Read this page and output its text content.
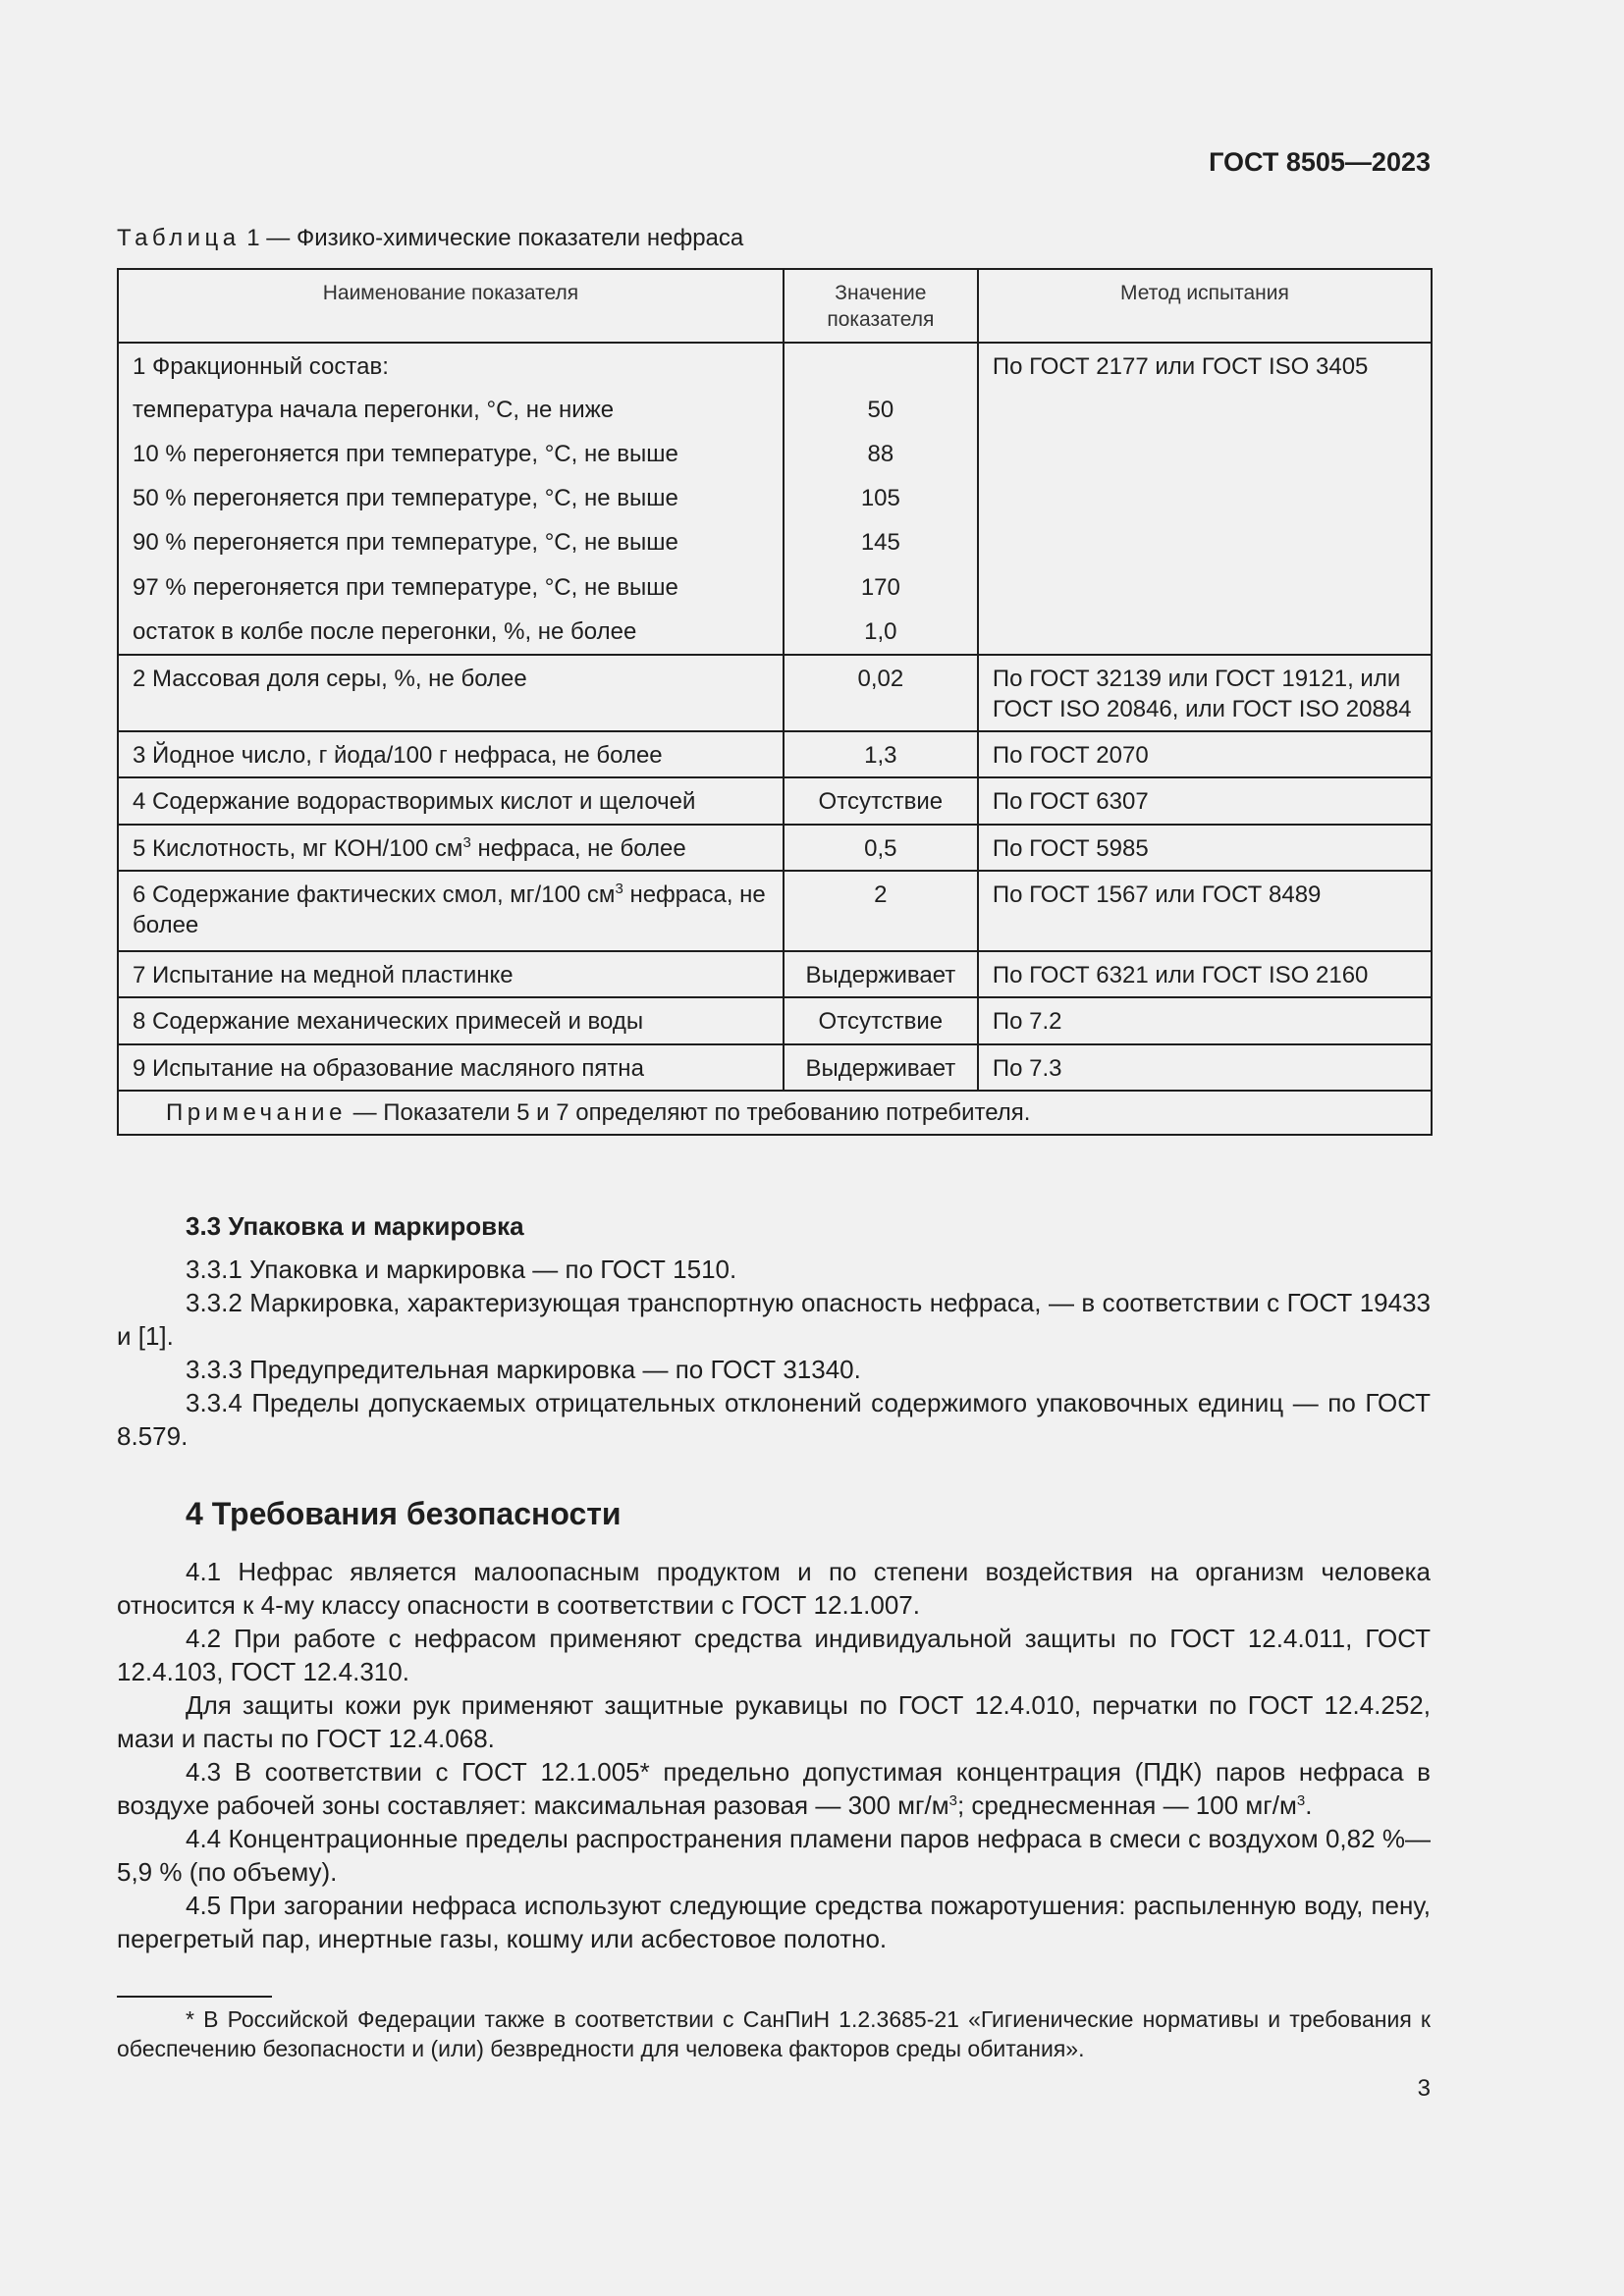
ГОСТ 8505—2023
Таблица 1 — Физико-химические показатели нефраса
Наименование показателя	Значение показателя	Метод испытания
1 Фракционный состав:		По ГОСТ 2177 или ГОСТ ISO 3405
температура начала перегонки, °С, не ниже	50	
10 % перегоняется при температуре, °С, не выше	88	
50 % перегоняется при температуре, °С, не выше	105	
90 % перегоняется при температуре, °С, не выше	145	
97 % перегоняется при температуре, °С, не выше	170	
остаток в колбе после перегонки, %, не более	1,0	
2 Массовая доля серы, %, не более	0,02	По ГОСТ 32139 или ГОСТ 19121, или ГОСТ ISO 20846, или ГОСТ ISO 20884
3 Йодное число, г йода/100 г нефраса, не более	1,3	По ГОСТ 2070
4 Содержание водорастворимых кислот и щелочей	Отсутствие	По ГОСТ 6307
5 Кислотность, мг КОН/100 $см^3$ нефраса, не более	0,5	По ГОСТ 5985
6 Содержание фактических смол, мг/100 $см^3$ нефраса, не более	2	По ГОСТ 1567 или ГОСТ 8489
7 Испытание на медной пластинке	Выдерживает	По ГОСТ 6321 или ГОСТ ISO 2160
8 Содержание механических примесей и воды	Отсутствие	По 7.2
9 Испытание на образование масляного пятна	Выдерживает	По 7.3

Примечание — Показатели 5 и 7 определяют по требованию потребителя.		
3.3 Упаковка и маркировка

3.3.1 Упаковка и маркировка — по ГОСТ 1510.

3.3.2 Маркировка, характеризующая транспортную опасность нефраса, — в соответствии с ГОСТ 19433 и [1].

3.3.3 Предупредительная маркировка — по ГОСТ 31340.

3.3.4 Пределы допускаемых отрицательных отклонений содержимого упаковочных единиц — по ГОСТ 8.579.

4 Требования безопасности

4.1 Нефрас является малоопасным продуктом и по степени воздействия на организм человека относится к 4-му классу опасности в соответствии с ГОСТ 12.1.007.

4.2 При работе с нефрасом применяют средства индивидуальной защиты по ГОСТ 12.4.011, ГОСТ 12.4.103, ГОСТ 12.4.310.

Для защиты кожи рук применяют защитные рукавицы по ГОСТ 12.4.010, перчатки по ГОСТ 12.4.252, мази и пасты по ГОСТ 12.4.068.

4.3 В соответствии с ГОСТ 12.1.005* предельно допустимая концентрация (ПДК) паров нефраса в воздухе рабочей зоны составляет: максимальная разовая — 300 $мг/м^3$; среднесменная — 100 $мг/м^3$.

4.4 Концентрационные пределы распространения пламени паров нефраса в смеси с воздухом 0,82 %—5,9 % (по объему).

4.5 При загорании нефраса используют следующие средства пожаротушения: распыленную воду, пену, перегретый пар, инертные газы, кошму или асбестовое полотно.

* В Российской Федерации также в соответствии с СанПиН 1.2.3685-21 «Гигиенические нормативы и требования к обеспечению безопасности и (или) безвредности для человека факторов среды обитания».

3
